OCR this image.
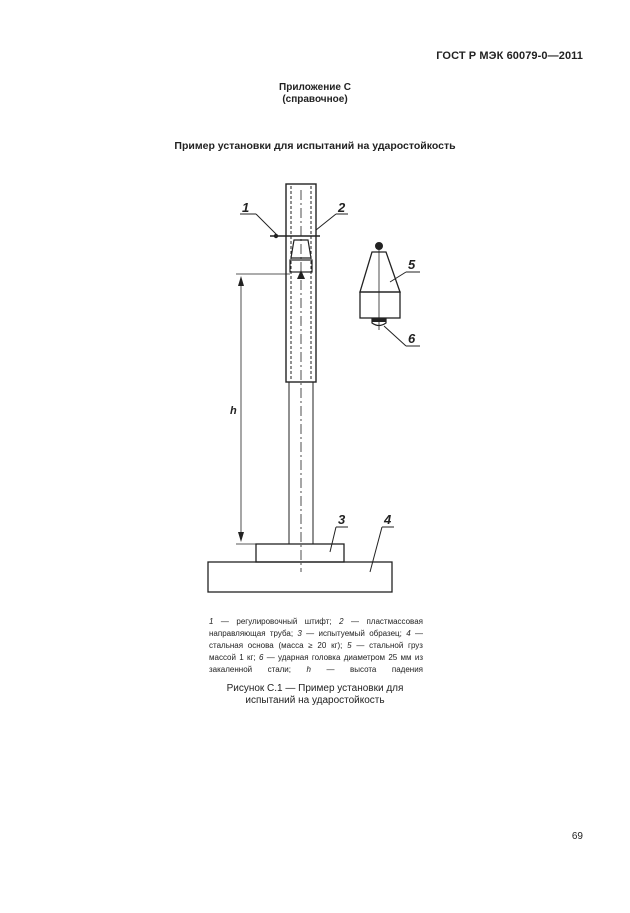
ГОСТ Р МЭК 60079-0—2011
Приложение С
(справочное)
Пример установки для испытаний на ударостойкость
1	2
3	4
5
6
h
1 — регулировочный штифт; 2 — пластмассовая направляющая труба; 3 — испытуемый образец; 4 — стальная основа (масса ≥ 20 кг); 5 — стальной груз массой 1 кг; 6 — ударная головка диаметром 25 мм из закаленной стали; h — высота падения
Рисунок С.1 — Пример установки для
испытаний на ударостойкость
69
